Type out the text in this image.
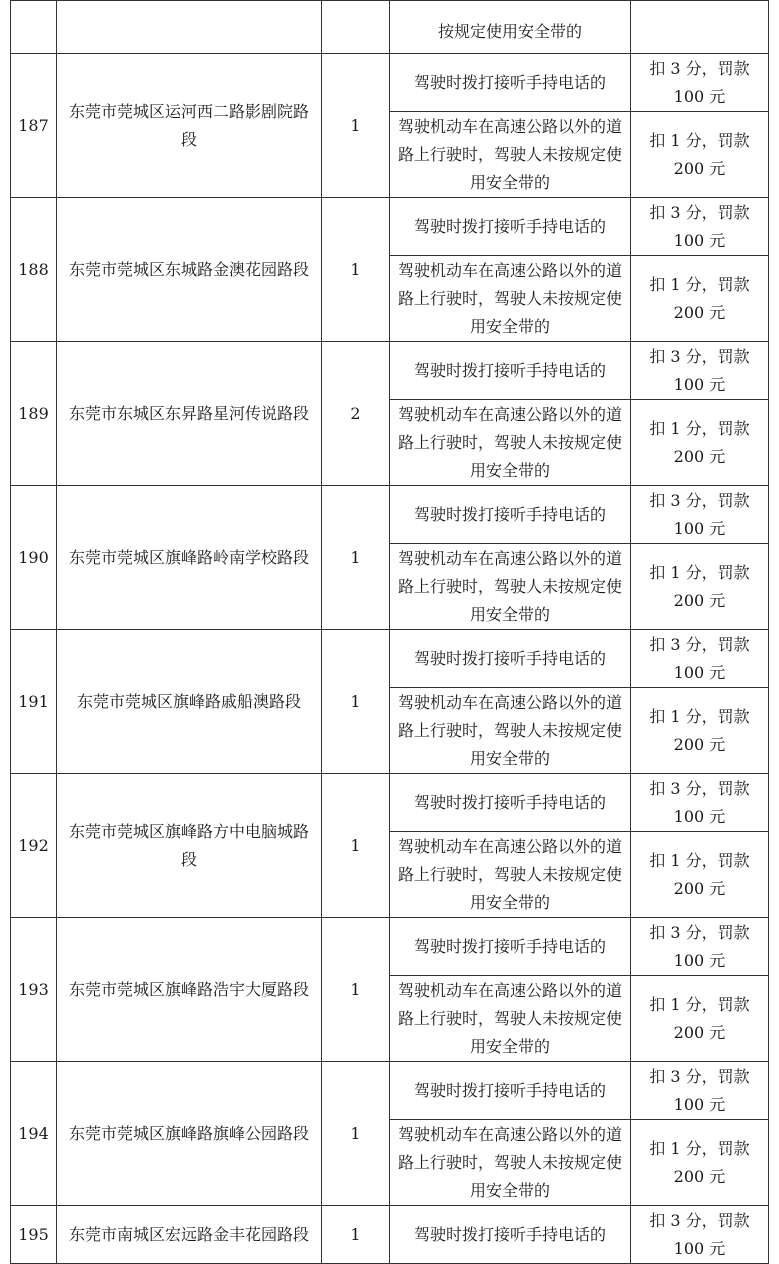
			按规定使用安全带的	
187	东莞市莞城区运河西二路影剧院路段	1	驾驶时拨打接听手持电话的	扣 3 分，罚款 100 元
			驾驶机动车在高速公路以外的道路上行驶时，驾驶人未按规定使用安全带的	扣 1 分，罚款 200 元
188	东莞市莞城区东城路金澳花园路段	1	驾驶时拨打接听手持电话的	扣 3 分，罚款 100 元
			驾驶机动车在高速公路以外的道路上行驶时，驾驶人未按规定使用安全带的	扣 1 分，罚款 200 元
189	东莞市东城区东昇路星河传说路段	2	驾驶时拨打接听手持电话的	扣 3 分，罚款 100 元
			驾驶机动车在高速公路以外的道路上行驶时，驾驶人未按规定使用安全带的	扣 1 分，罚款 200 元
190	东莞市莞城区旗峰路岭南学校路段	1	驾驶时拨打接听手持电话的	扣 3 分，罚款 100 元
			驾驶机动车在高速公路以外的道路上行驶时，驾驶人未按规定使用安全带的	扣 1 分，罚款 200 元
191	东莞市莞城区旗峰路戚船澳路段	1	驾驶时拨打接听手持电话的	扣 3 分，罚款 100 元
			驾驶机动车在高速公路以外的道路上行驶时，驾驶人未按规定使用安全带的	扣 1 分，罚款 200 元
192	东莞市莞城区旗峰路方中电脑城路段	1	驾驶时拨打接听手持电话的	扣 3 分，罚款 100 元
			驾驶机动车在高速公路以外的道路上行驶时，驾驶人未按规定使用安全带的	扣 1 分，罚款 200 元
193	东莞市莞城区旗峰路浩宇大厦路段	1	驾驶时拨打接听手持电话的	扣 3 分，罚款 100 元
			驾驶机动车在高速公路以外的道路上行驶时，驾驶人未按规定使用安全带的	扣 1 分，罚款 200 元
194	东莞市莞城区旗峰路旗峰公园路段	1	驾驶时拨打接听手持电话的	扣 3 分，罚款 100 元
			驾驶机动车在高速公路以外的道路上行驶时，驾驶人未按规定使用安全带的	扣 1 分，罚款 200 元
195	东莞市南城区宏远路金丰花园路段	1	驾驶时拨打接听手持电话的	扣 3 分，罚款 100 元
